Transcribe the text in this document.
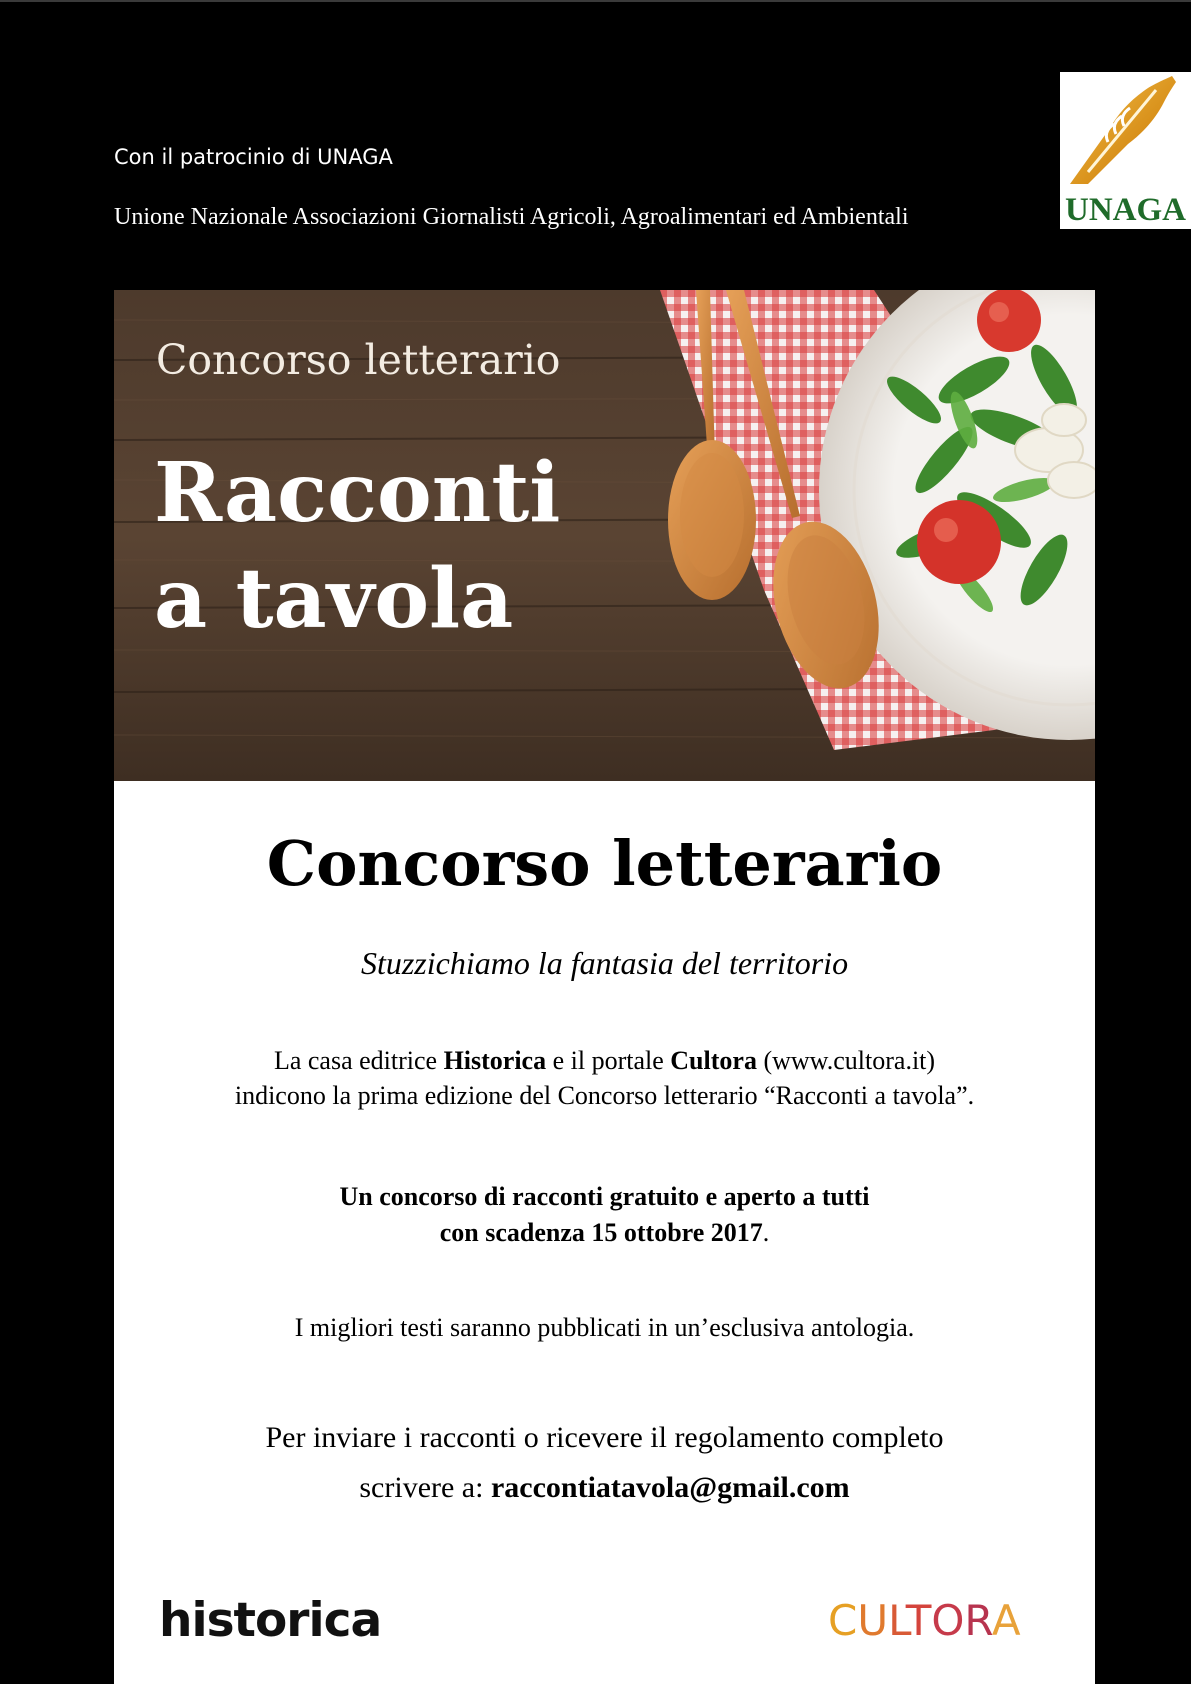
Con il patrocinio di UNAGA
Unione Nazionale Associazioni Giornalisti Agricoli, Agroalimentari ed Ambientali	UNAGA
Concorso letterario
Racconti
a tavola
Concorso letterario
Stuzzichiamo la fantasia del territorio
La casa editrice Historica e il portale Cultora (www.cultora.it)
indicono la prima edizione del Concorso letterario “Racconti a tavola”.
Un concorso di racconti gratuito e aperto a tutti
con scadenza 15 ottobre 2017.
I migliori testi saranno pubblicati in un’esclusiva antologia.
Per inviare i racconti o ricevere il regolamento completo
scrivere a: raccontiatavola@gmail.com
historica	CULTORA
